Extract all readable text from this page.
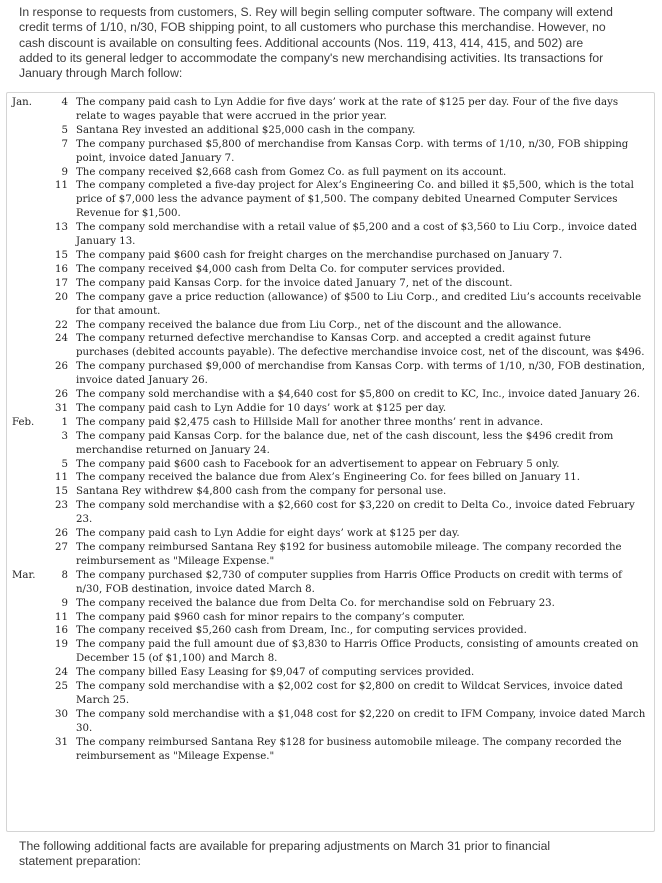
In response to requests from customers, S. Rey will begin selling computer software. The company will extend credit terms of 1/10, n/30, FOB shipping point, to all customers who purchase this merchandise. However, no cash discount is available on consulting fees. Additional accounts (Nos. 119, 413, 414, 415, and 502) are added to its general ledger to accommodate the company's new merchandising activities. Its transactions for January through March follow:
Jan.	4 The company paid cash to Lyn Addie for five days’ work at the rate of $125 per day. Four of the five days relate to wages payable that were accrued in the prior year.
5 Santana Rey invested an additional $25,000 cash in the company.
7 The company purchased $5,800 of merchandise from Kansas Corp. with terms of 1/10, n/30, FOB shipping point, invoice dated January 7.
9 The company received $2,668 cash from Gomez Co. as full payment on its account.
11 The company completed a five-day project for Alex’s Engineering Co. and billed it $5,500, which is the total price of $7,000 less the advance payment of $1,500. The company debited Unearned Computer Services Revenue for $1,500.
13 The company sold merchandise with a retail value of $5,200 and a cost of $3,560 to Liu Corp., invoice dated January 13.
15 The company paid $600 cash for freight charges on the merchandise purchased on January 7.
16 The company received $4,000 cash from Delta Co. for computer services provided.
17 The company paid Kansas Corp. for the invoice dated January 7, net of the discount.
20 The company gave a price reduction (allowance) of $500 to Liu Corp., and credited Liu’s accounts receivable for that amount.
22 The company received the balance due from Liu Corp., net of the discount and the allowance.
24 The company returned defective merchandise to Kansas Corp. and accepted a credit against future purchases (debited accounts payable). The defective merchandise invoice cost, net of the discount, was $496.
26 The company purchased $9,000 of merchandise from Kansas Corp. with terms of 1/10, n/30, FOB destination, invoice dated January 26.
26 The company sold merchandise with a $4,640 cost for $5,800 on credit to KC, Inc., invoice dated January 26.
31 The company paid cash to Lyn Addie for 10 days’ work at $125 per day.
Feb.	1 The company paid $2,475 cash to Hillside Mall for another three months’ rent in advance.
3 The company paid Kansas Corp. for the balance due, net of the cash discount, less the $496 credit from merchandise returned on January 24.
5 The company paid $600 cash to Facebook for an advertisement to appear on February 5 only.
11 The company received the balance due from Alex’s Engineering Co. for fees billed on January 11.
15 Santana Rey withdrew $4,800 cash from the company for personal use.
23 The company sold merchandise with a $2,660 cost for $3,220 on credit to Delta Co., invoice dated February 23.
26 The company paid cash to Lyn Addie for eight days’ work at $125 per day.
27 The company reimbursed Santana Rey $192 for business automobile mileage. The company recorded the reimbursement as "Mileage Expense."
Mar.	8 The company purchased $2,730 of computer supplies from Harris Office Products on credit with terms of n/30, FOB destination, invoice dated March 8.
9 The company received the balance due from Delta Co. for merchandise sold on February 23.
11 The company paid $960 cash for minor repairs to the company’s computer.
16 The company received $5,260 cash from Dream, Inc., for computing services provided.
19 The company paid the full amount due of $3,830 to Harris Office Products, consisting of amounts created on December 15 (of $1,100) and March 8.
24 The company billed Easy Leasing for $9,047 of computing services provided.
25 The company sold merchandise with a $2,002 cost for $2,800 on credit to Wildcat Services, invoice dated March 25.
30 The company sold merchandise with a $1,048 cost for $2,220 on credit to IFM Company, invoice dated March 30.
31 The company reimbursed Santana Rey $128 for business automobile mileage. The company recorded the reimbursement as "Mileage Expense."
The following additional facts are available for preparing adjustments on March 31 prior to financial statement preparation:
